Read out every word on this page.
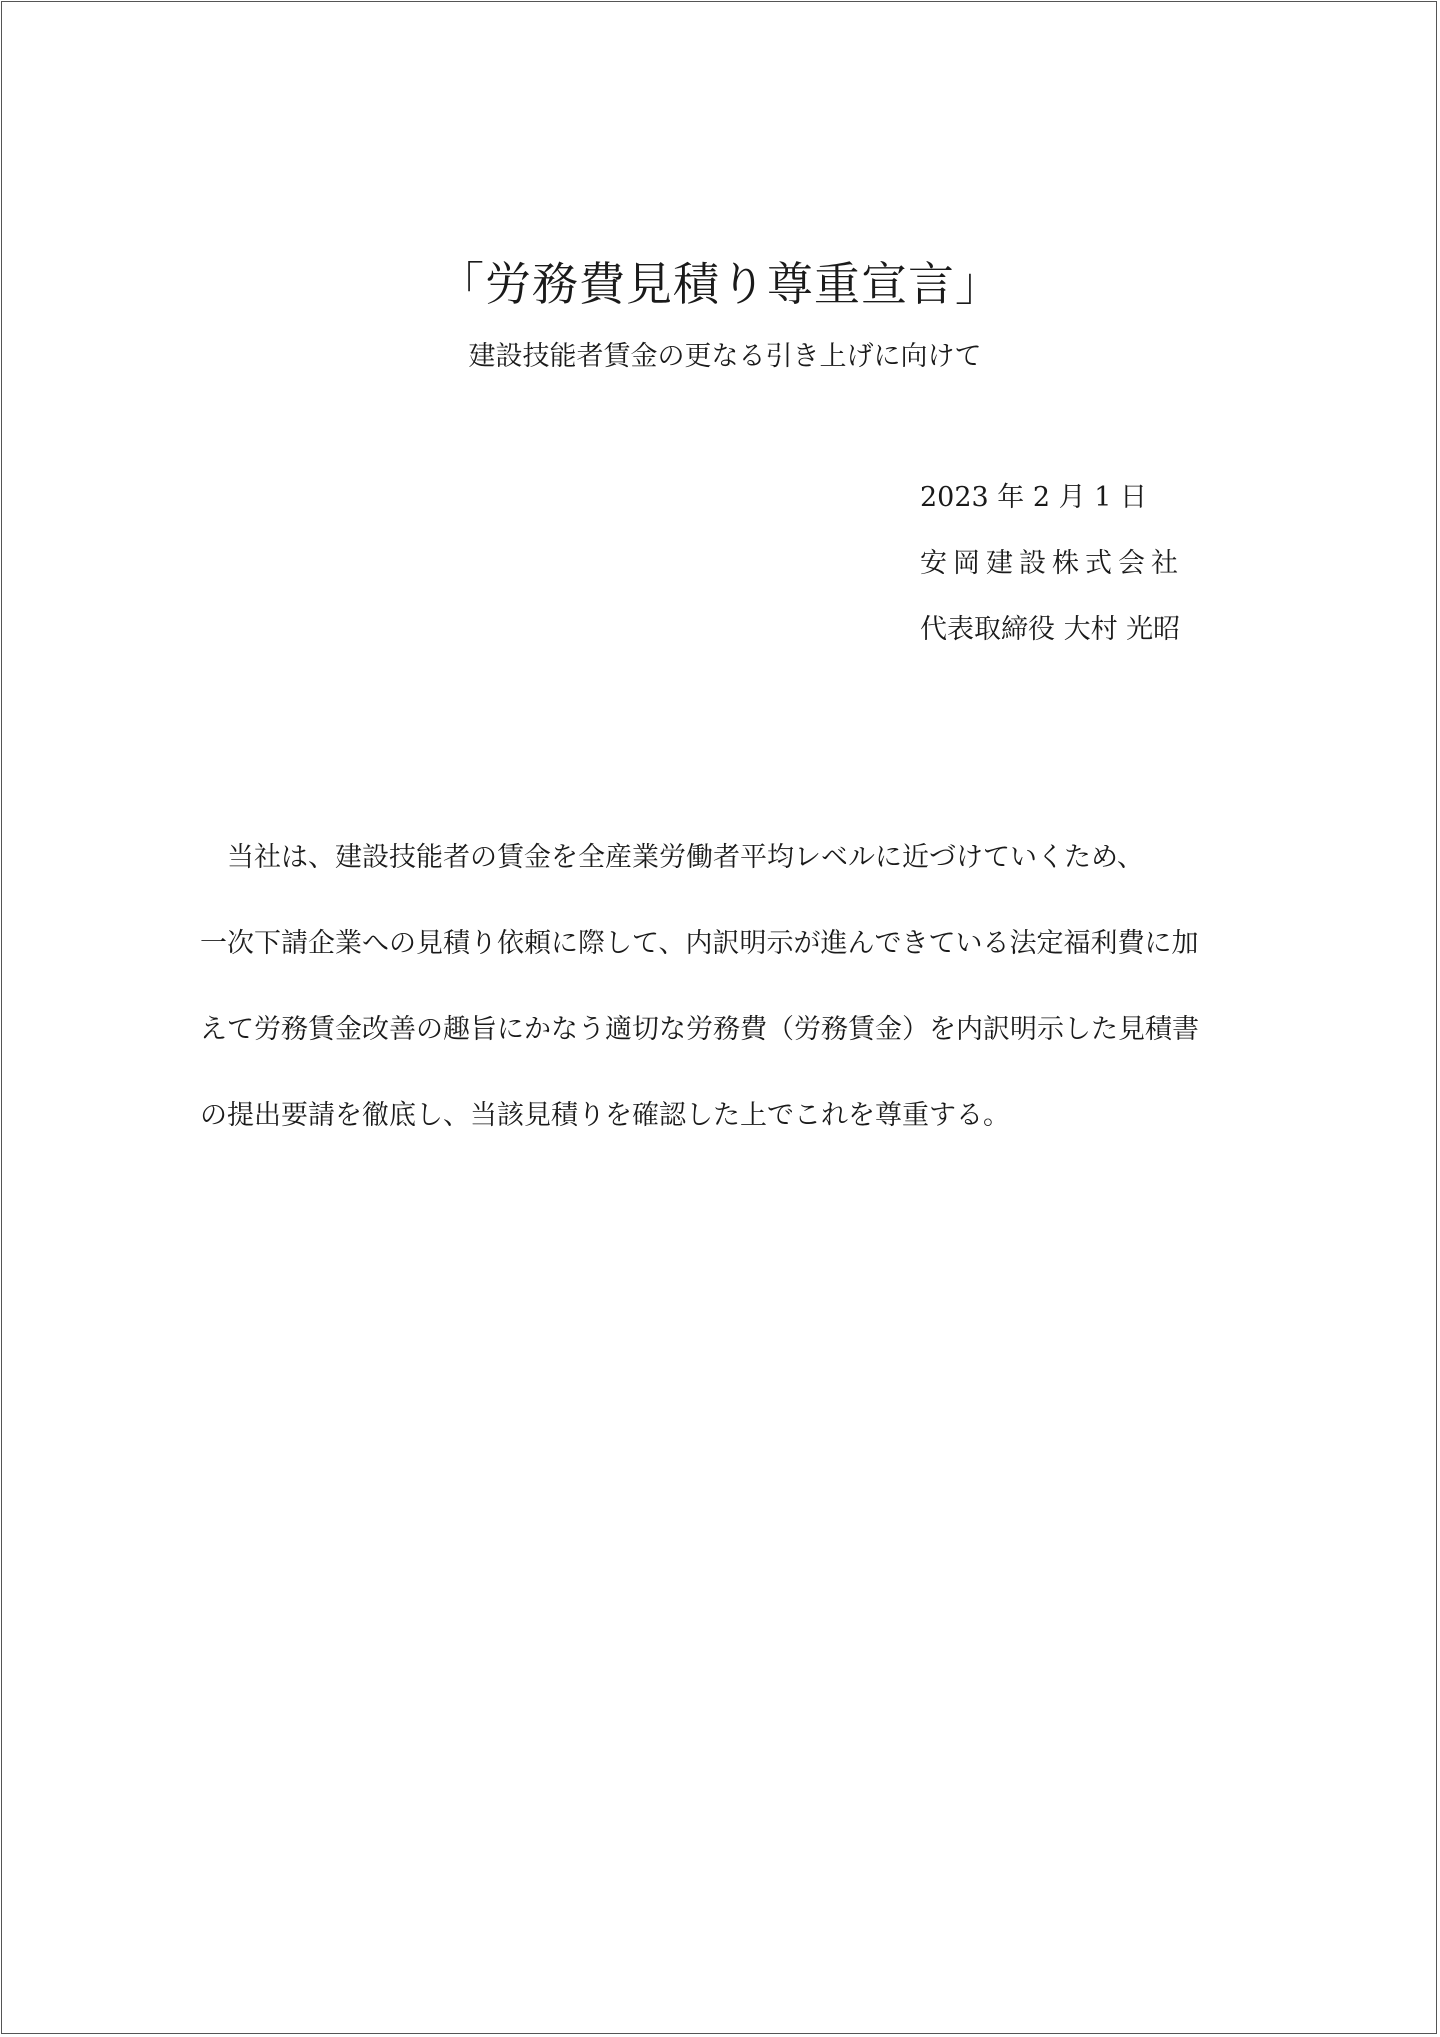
「労務費見積り尊重宣言」

建設技能者賃金の更なる引き上げに向けて

2023 年 2 月 1 日
安岡建設株式会社
代表取締役 大村 光昭
　当社は、建設技能者の賃金を全産業労働者平均レベルに近づけていくため、
一次下請企業への見積り依頼に際して、内訳明示が進んできている法定福利費に加
えて労務賃金改善の趣旨にかなう適切な労務費（労務賃金）を内訳明示した見積書
の提出要請を徹底し、当該見積りを確認した上でこれを尊重する。
